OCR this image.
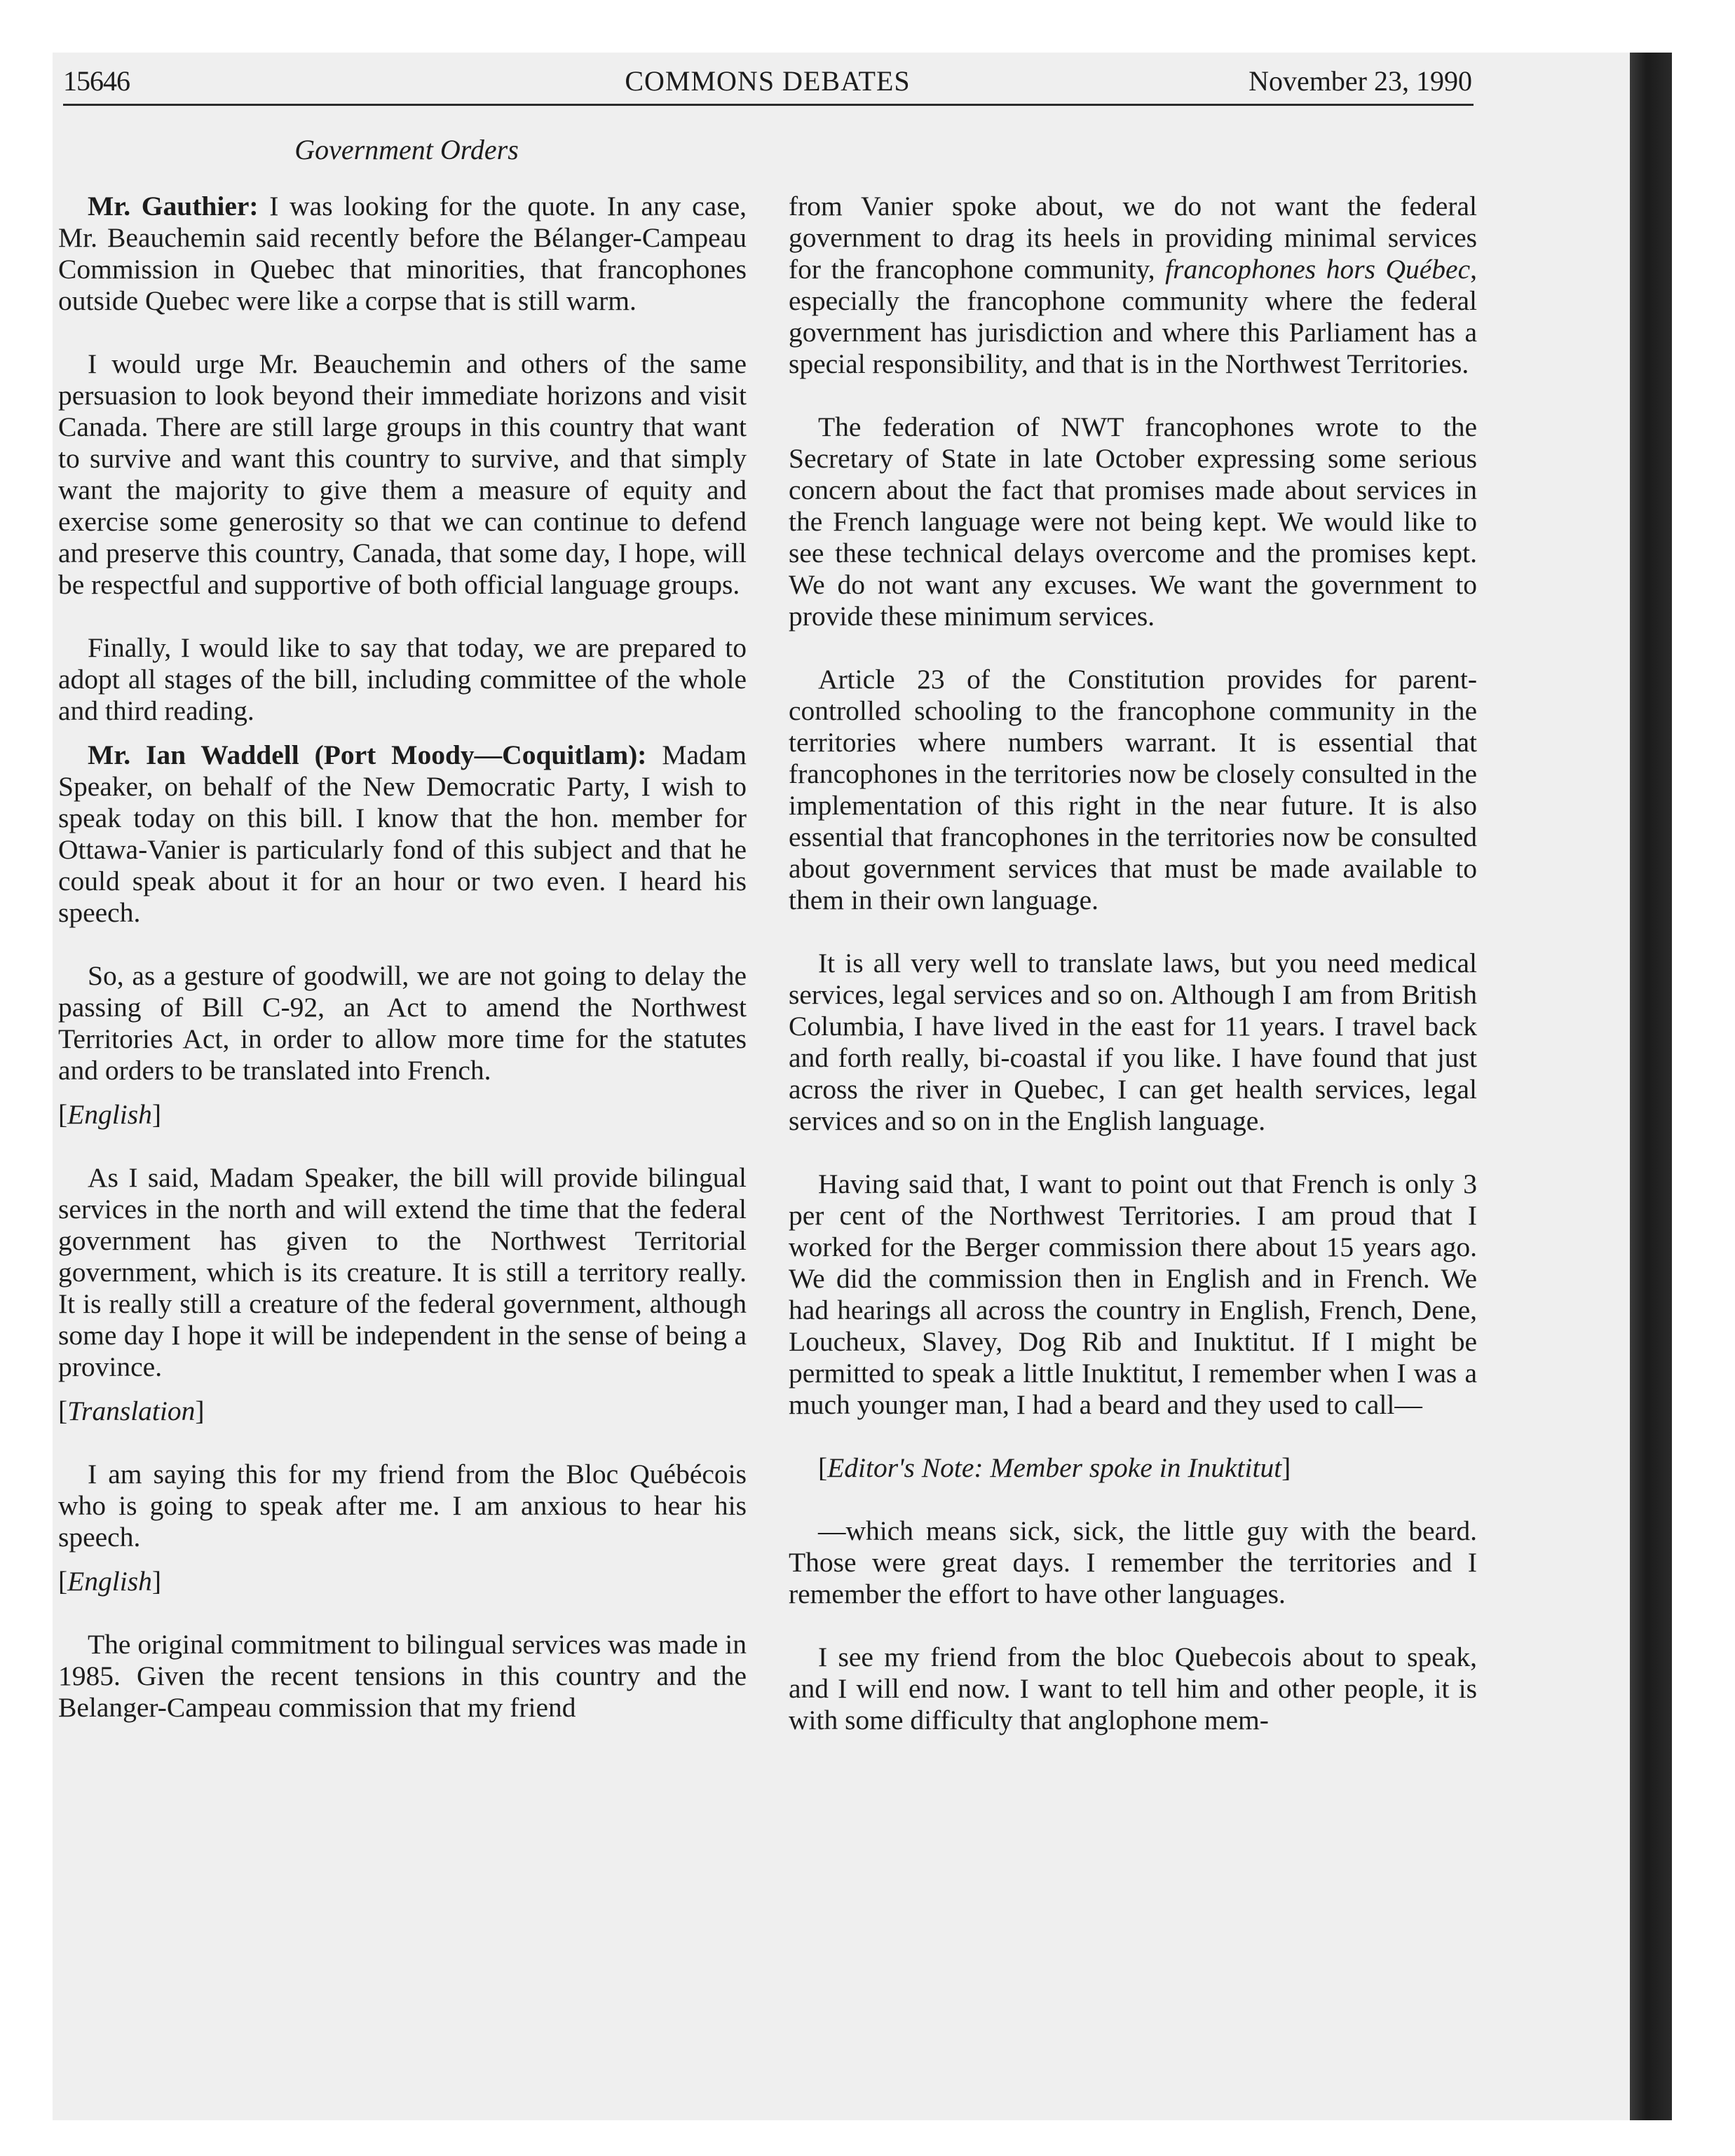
15646	COMMONS DEBATES	November 23, 1990
Government Orders

Mr. Gauthier: I was looking for the quote. In any case, Mr. Beauchemin said recently before the Bélanger-Campeau Commission in Quebec that minorities, that francophones outside Quebec were like a corpse that is still warm.

I would urge Mr. Beauchemin and others of the same persuasion to look beyond their immediate horizons and visit Canada. There are still large groups in this country that want to survive and want this country to survive, and that simply want the majority to give them a measure of equity and exercise some generosity so that we can continue to defend and preserve this country, Canada, that some day, I hope, will be respectful and supportive of both official language groups.

Finally, I would like to say that today, we are prepared to adopt all stages of the bill, including committee of the whole and third reading.

Mr. Ian Waddell (Port Moody—Coquitlam): Madam Speaker, on behalf of the New Democratic Party, I wish to speak today on this bill. I know that the hon. member for Ottawa-Vanier is particularly fond of this subject and that he could speak about it for an hour or two even. I heard his speech.

So, as a gesture of goodwill, we are not going to delay the passing of Bill C-92, an Act to amend the Northwest Territories Act, in order to allow more time for the statutes and orders to be translated into French.

[English]

As I said, Madam Speaker, the bill will provide bilingual services in the north and will extend the time that the federal government has given to the Northwest Territorial government, which is its creature. It is still a territory really. It is really still a creature of the federal government, although some day I hope it will be independent in the sense of being a province.

[Translation]

I am saying this for my friend from the Bloc Québécois who is going to speak after me. I am anxious to hear his speech.

[English]

The original commitment to bilingual services was made in 1985. Given the recent tensions in this country and the Belanger-Campeau commission that my friend

from Vanier spoke about, we do not want the federal government to drag its heels in providing minimal services for the francophone community, francophones hors Québec, especially the francophone community where the federal government has jurisdiction and where this Parliament has a special responsibility, and that is in the Northwest Territories.

The federation of NWT francophones wrote to the Secretary of State in late October expressing some serious concern about the fact that promises made about services in the French language were not being kept. We would like to see these technical delays overcome and the promises kept. We do not want any excuses. We want the government to provide these minimum services.

Article 23 of the Constitution provides for parent-controlled schooling to the francophone community in the territories where numbers warrant. It is essential that francophones in the territories now be closely consulted in the implementation of this right in the near future. It is also essential that francophones in the territories now be consulted about government services that must be made available to them in their own language.

It is all very well to translate laws, but you need medical services, legal services and so on. Although I am from British Columbia, I have lived in the east for 11 years. I travel back and forth really, bi-coastal if you like. I have found that just across the river in Quebec, I can get health services, legal services and so on in the English language.

Having said that, I want to point out that French is only 3 per cent of the Northwest Territories. I am proud that I worked for the Berger commission there about 15 years ago. We did the commission then in English and in French. We had hearings all across the country in English, French, Dene, Loucheux, Slavey, Dog Rib and Inuktitut. If I might be permitted to speak a little Inuktitut, I remember when I was a much younger man, I had a beard and they used to call—

[Editor's Note: Member spoke in Inuktitut]

—which means sick, sick, the little guy with the beard. Those were great days. I remember the territories and I remember the effort to have other languages.

I see my friend from the bloc Quebecois about to speak, and I will end now. I want to tell him and other people, it is with some difficulty that anglophone mem-
